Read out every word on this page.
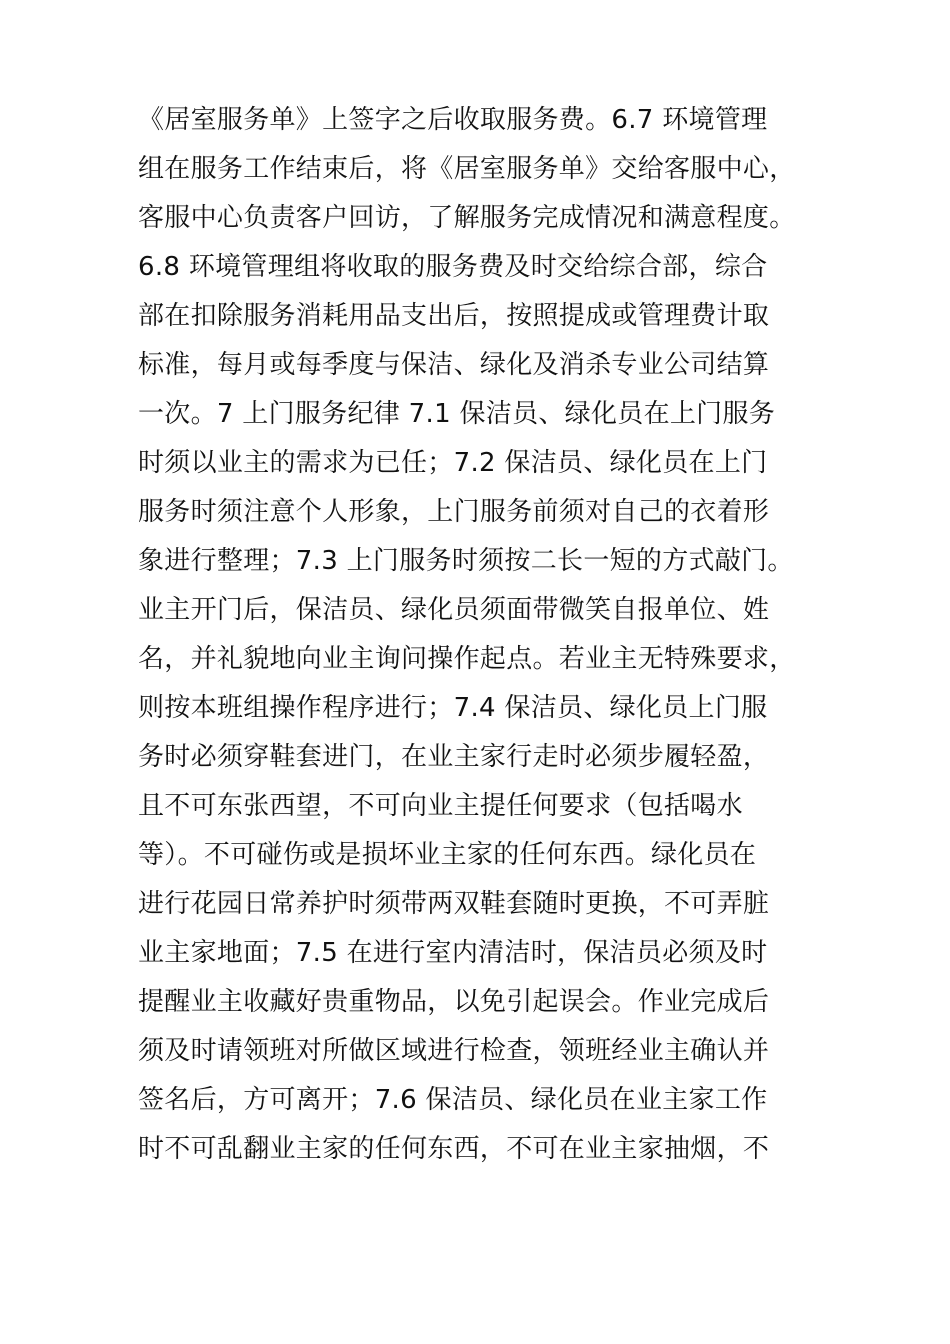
《居室服务单》上签字之后收取服务费。6.7 环境管理
组在服务工作结束后，将《居室服务单》交给客服中心，
客服中心负责客户回访，了解服务完成情况和满意程度。
6.8 环境管理组将收取的服务费及时交给综合部，综合
部在扣除服务消耗用品支出后，按照提成或管理费计取
标准，每月或每季度与保洁、绿化及消杀专业公司结算
一次。7 上门服务纪律 7.1 保洁员、绿化员在上门服务
时须以业主的需求为已任；7.2 保洁员、绿化员在上门
服务时须注意个人形象，上门服务前须对自己的衣着形
象进行整理；7.3 上门服务时须按二长一短的方式敲门。
业主开门后，保洁员、绿化员须面带微笑自报单位、姓
名，并礼貌地向业主询问操作起点。若业主无特殊要求，
则按本班组操作程序进行；7.4 保洁员、绿化员上门服
务时必须穿鞋套进门，在业主家行走时必须步履轻盈，
且不可东张西望，不可向业主提任何要求（包括喝水
等）。不可碰伤或是损坏业主家的任何东西。绿化员在
进行花园日常养护时须带两双鞋套随时更换，不可弄脏
业主家地面；7.5 在进行室内清洁时，保洁员必须及时
提醒业主收藏好贵重物品，以免引起误会。作业完成后
须及时请领班对所做区域进行检查，领班经业主确认并
签名后，方可离开；7.6 保洁员、绿化员在业主家工作
时不可乱翻业主家的任何东西，不可在业主家抽烟，不
